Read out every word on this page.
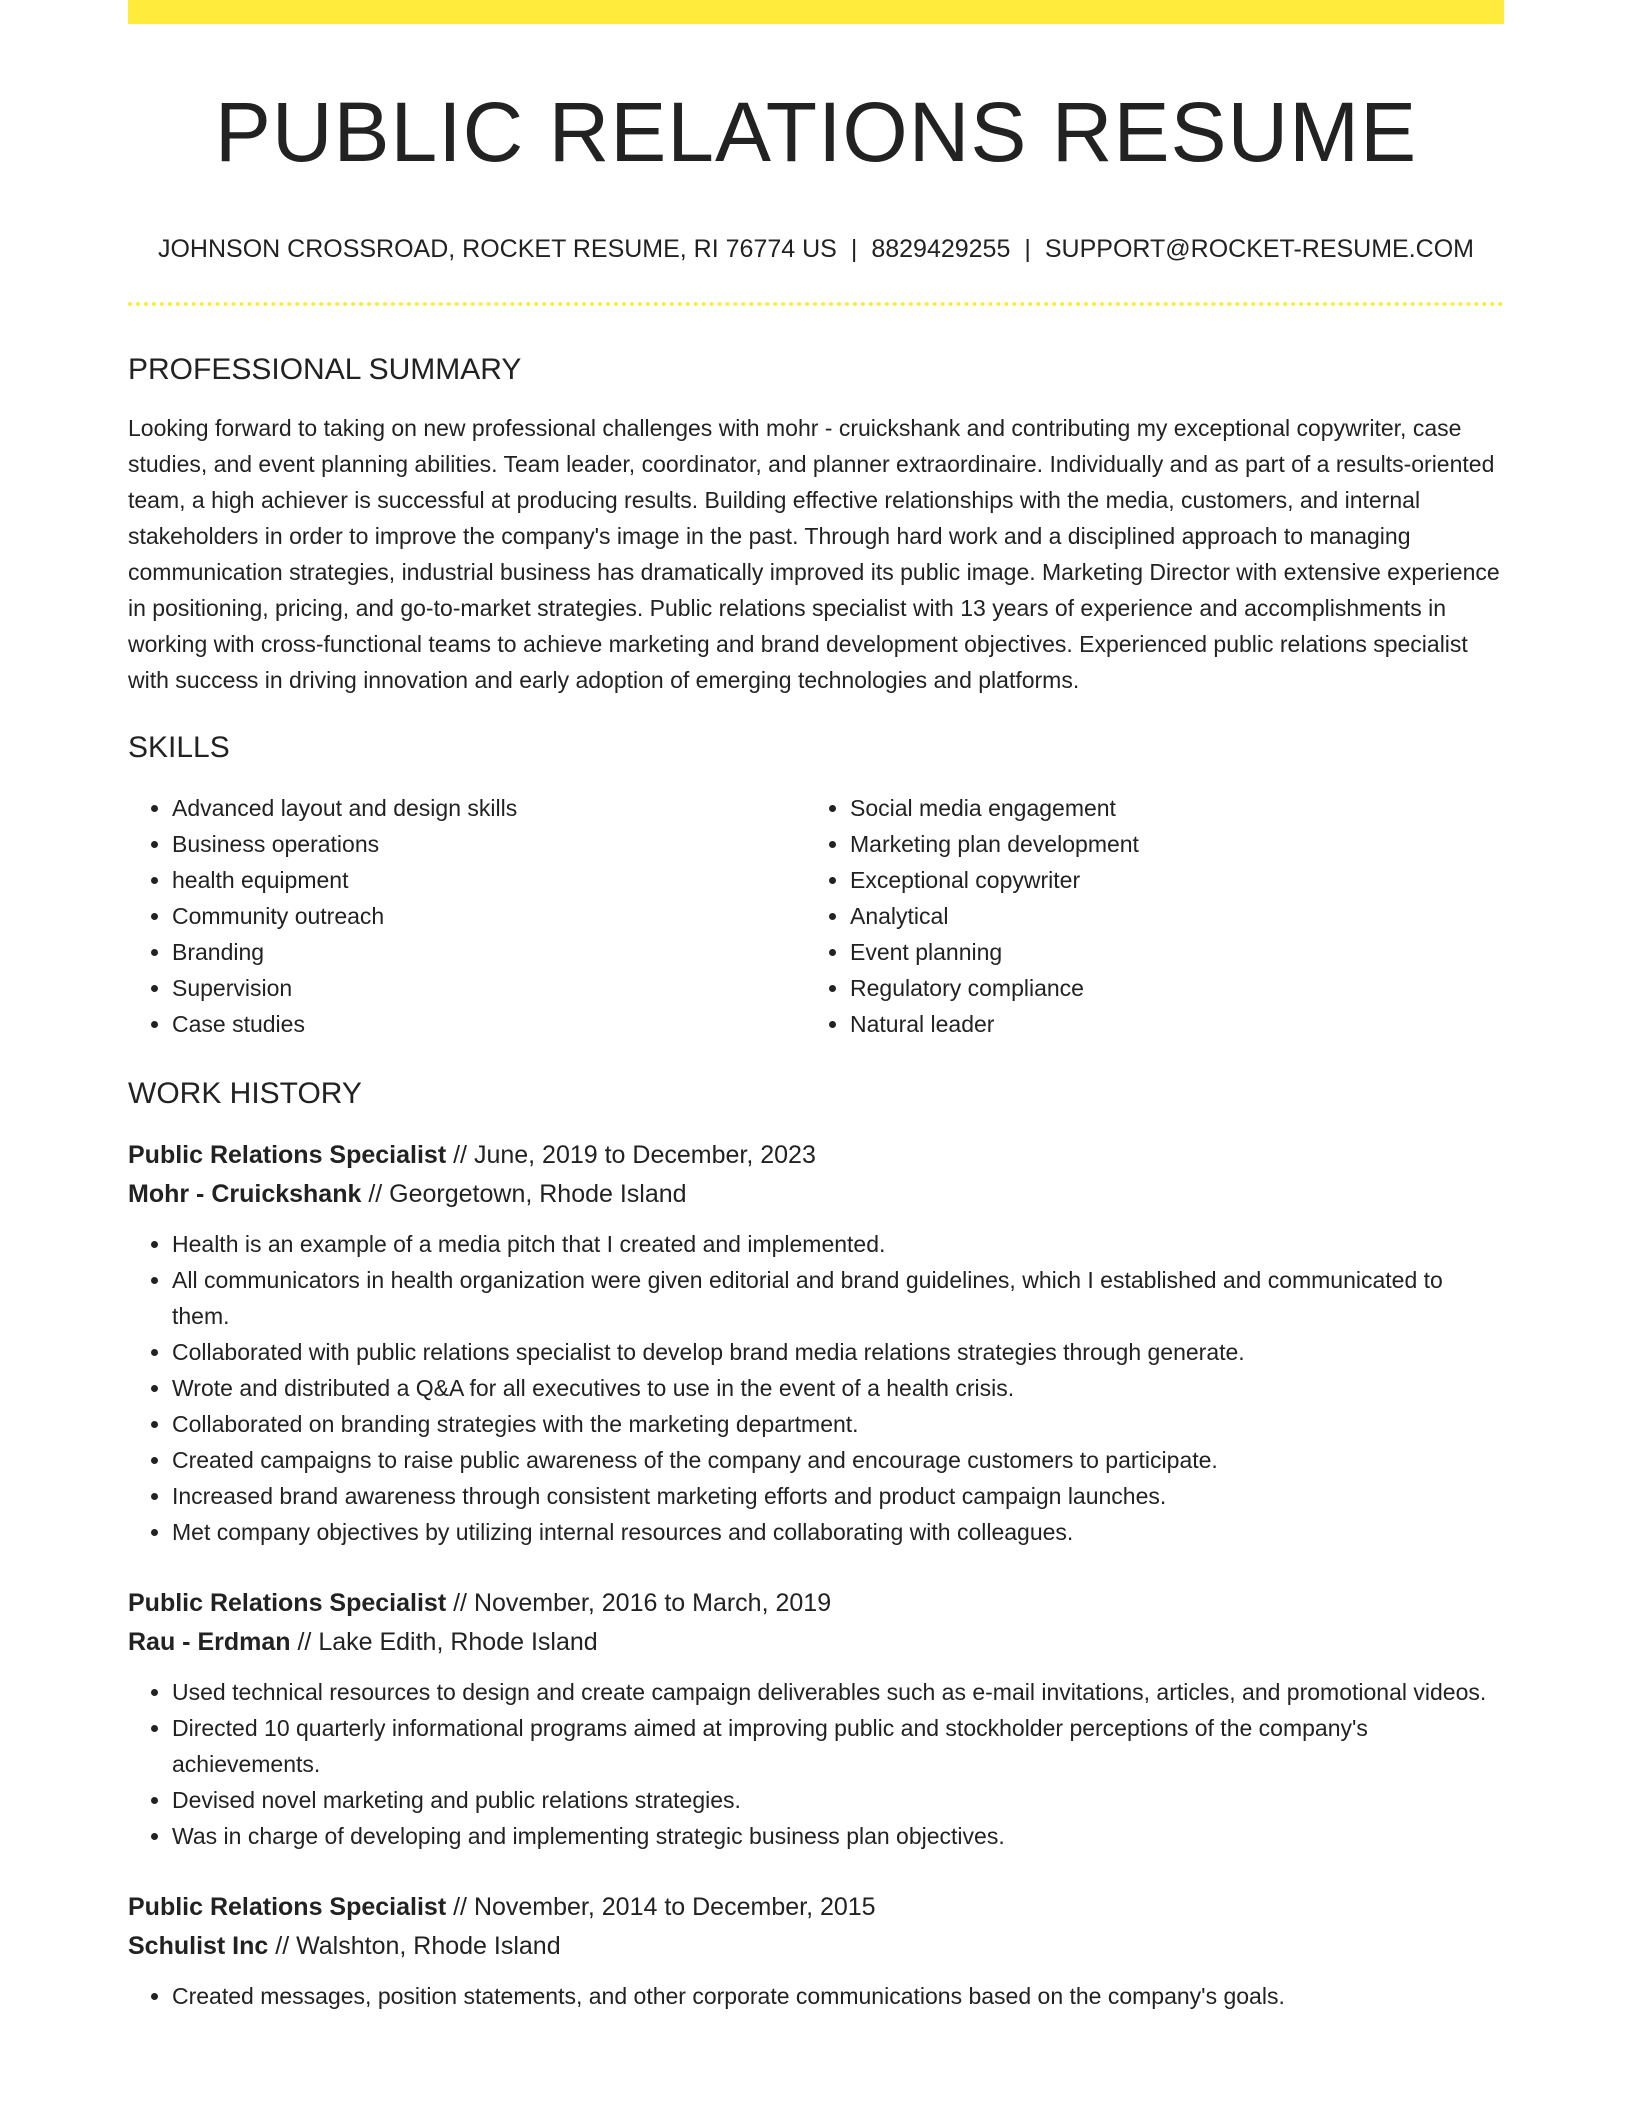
PUBLIC RELATIONS RESUME
JOHNSON CROSSROAD, ROCKET RESUME, RI 76774 US | 8829429255 | SUPPORT@ROCKET-RESUME.COM
PROFESSIONAL SUMMARY

Looking forward to taking on new professional challenges with mohr - cruickshank and contributing my exceptional copywriter, case studies, and event planning abilities. Team leader, coordinator, and planner extraordinaire. Individually and as part of a results-oriented team, a high achiever is successful at producing results. Building effective relationships with the media, customers, and internal stakeholders in order to improve the company's image in the past. Through hard work and a disciplined approach to managing communication strategies, industrial business has dramatically improved its public image. Marketing Director with extensive experience in positioning, pricing, and go-to-market strategies. Public relations specialist with 13 years of experience and accomplishments in working with cross-functional teams to achieve marketing and brand development objectives. Experienced public relations specialist with success in driving innovation and early adoption of emerging technologies and platforms.

SKILLS
• Advanced layout and design skills
• Business operations
• health equipment
• Community outreach
• Branding
• Supervision
• Case studies
• Social media engagement
• Marketing plan development
• Exceptional copywriter
• Analytical
• Event planning
• Regulatory compliance
• Natural leader
WORK HISTORY
Public Relations Specialist // June, 2019 to December, 2023
Mohr - Cruickshank // Georgetown, Rhode Island
• Health is an example of a media pitch that I created and implemented.
• All communicators in health organization were given editorial and brand guidelines, which I established and communicated to them.
• Collaborated with public relations specialist to develop brand media relations strategies through generate.
• Wrote and distributed a Q&A for all executives to use in the event of a health crisis.
• Collaborated on branding strategies with the marketing department.
• Created campaigns to raise public awareness of the company and encourage customers to participate.
• Increased brand awareness through consistent marketing efforts and product campaign launches.
• Met company objectives by utilizing internal resources and collaborating with colleagues.
Public Relations Specialist // November, 2016 to March, 2019
Rau - Erdman // Lake Edith, Rhode Island
• Used technical resources to design and create campaign deliverables such as e-mail invitations, articles, and promotional videos.
• Directed 10 quarterly informational programs aimed at improving public and stockholder perceptions of the company's achievements.
• Devised novel marketing and public relations strategies.
• Was in charge of developing and implementing strategic business plan objectives.
Public Relations Specialist // November, 2014 to December, 2015
Schulist Inc // Walshton, Rhode Island
• Created messages, position statements, and other corporate communications based on the company's goals.
